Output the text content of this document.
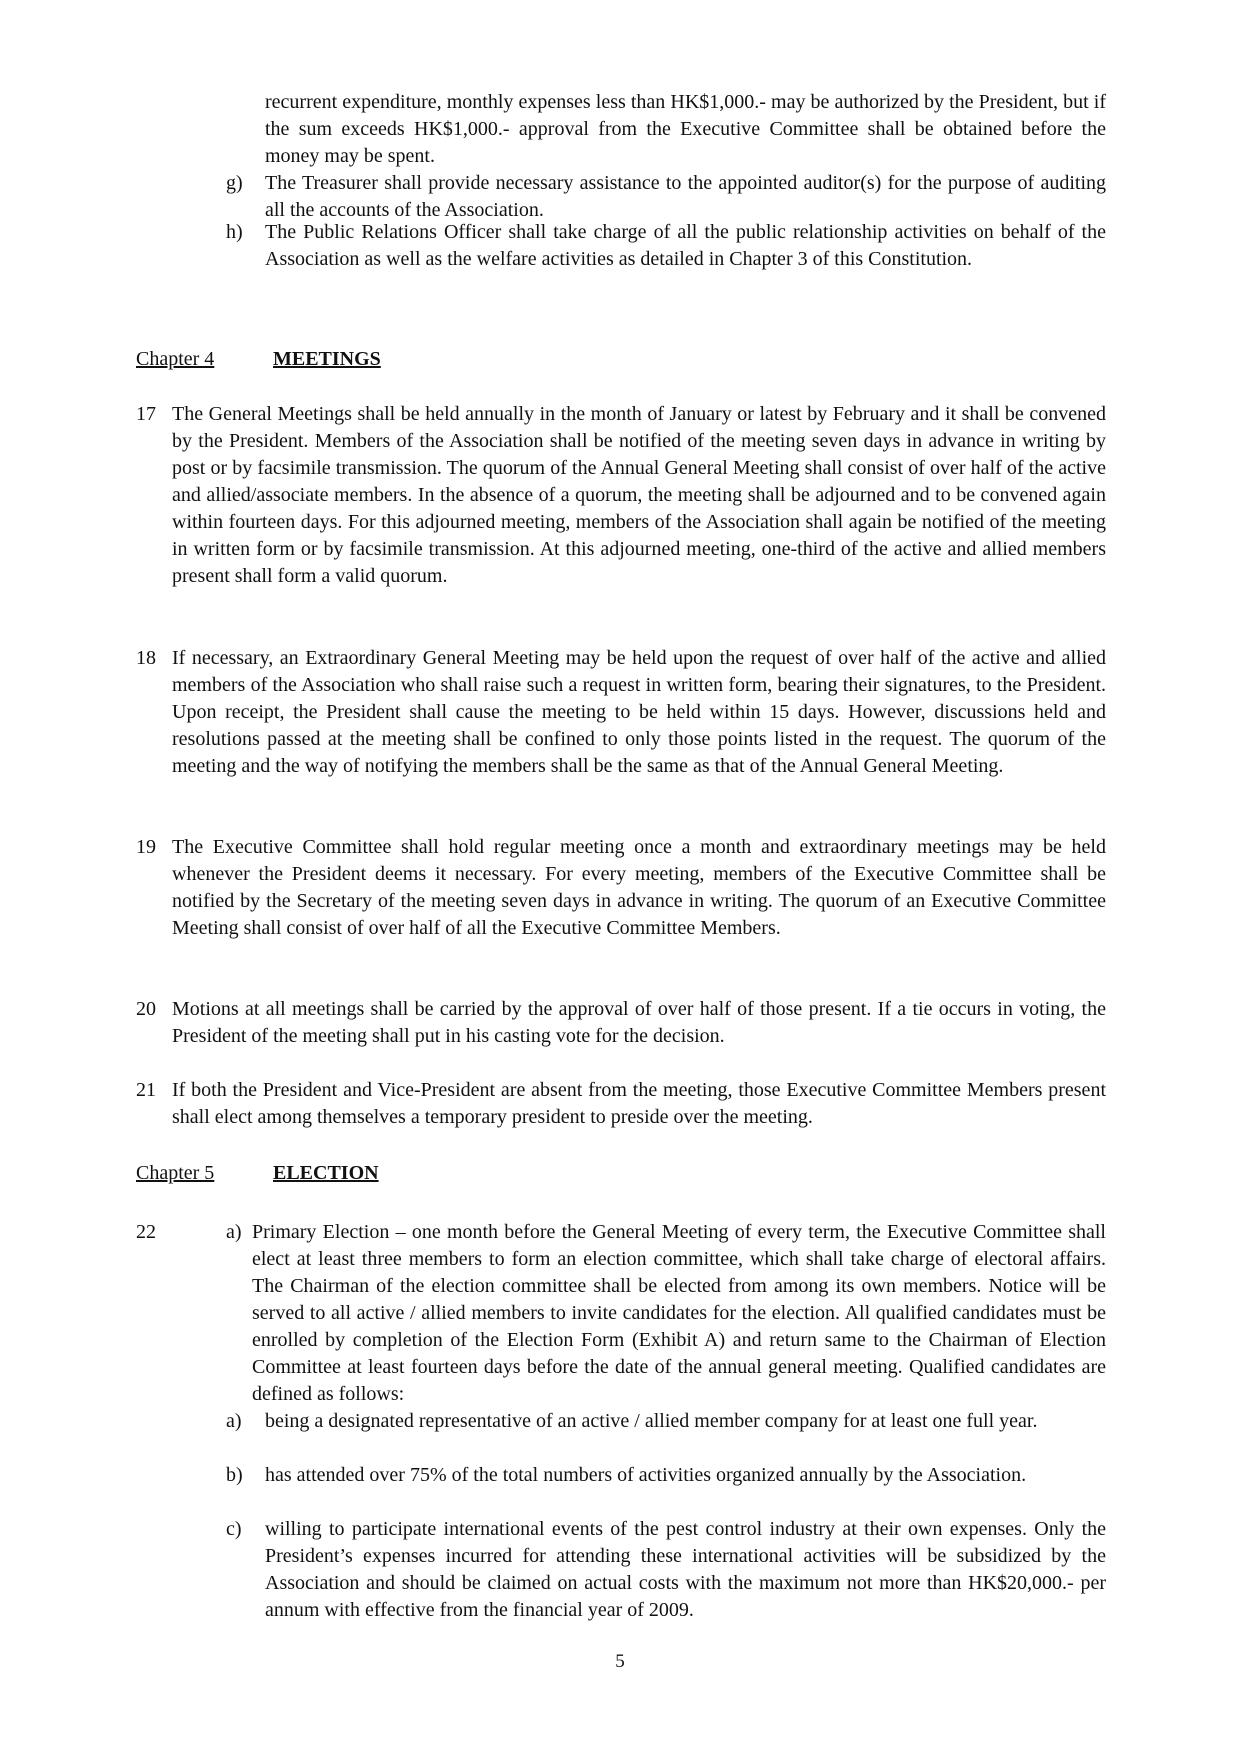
recurrent expenditure, monthly expenses less than HK$1,000.- may be authorized by the President, but if the sum exceeds HK$1,000.- approval from the Executive Committee shall be obtained before the money may be spent.
g) The Treasurer shall provide necessary assistance to the appointed auditor(s) for the purpose of auditing all the accounts of the Association.
h) The Public Relations Officer shall take charge of all the public relationship activities on behalf of the Association as well as the welfare activities as detailed in Chapter 3 of this Constitution.
Chapter 4	MEETINGS
17 The General Meetings shall be held annually in the month of January or latest by February and it shall be convened by the President. Members of the Association shall be notified of the meeting seven days in advance in writing by post or by facsimile transmission. The quorum of the Annual General Meeting shall consist of over half of the active and allied/associate members. In the absence of a quorum, the meeting shall be adjourned and to be convened again within fourteen days. For this adjourned meeting, members of the Association shall again be notified of the meeting in written form or by facsimile transmission. At this adjourned meeting, one-third of the active and allied members present shall form a valid quorum.
18 If necessary, an Extraordinary General Meeting may be held upon the request of over half of the active and allied members of the Association who shall raise such a request in written form, bearing their signatures, to the President. Upon receipt, the President shall cause the meeting to be held within 15 days. However, discussions held and resolutions passed at the meeting shall be confined to only those points listed in the request. The quorum of the meeting and the way of notifying the members shall be the same as that of the Annual General Meeting.
19 The Executive Committee shall hold regular meeting once a month and extraordinary meetings may be held whenever the President deems it necessary. For every meeting, members of the Executive Committee shall be notified by the Secretary of the meeting seven days in advance in writing. The quorum of an Executive Committee Meeting shall consist of over half of all the Executive Committee Members.
20 Motions at all meetings shall be carried by the approval of over half of those present. If a tie occurs in voting, the President of the meeting shall put in his casting vote for the decision.
21 If both the President and Vice-President are absent from the meeting, those Executive Committee Members present shall elect among themselves a temporary president to preside over the meeting.
Chapter 5	ELECTION
22	a) Primary Election – one month before the General Meeting of every term, the Executive Committee shall elect at least three members to form an election committee, which shall take charge of electoral affairs. The Chairman of the election committee shall be elected from among its own members. Notice will be served to all active / allied members to invite candidates for the election. All qualified candidates must be enrolled by completion of the Election Form (Exhibit A) and return same to the Chairman of Election Committee at least fourteen days before the date of the annual general meeting. Qualified candidates are defined as follows:
a) being a designated representative of an active / allied member company for at least one full year.
b) has attended over 75% of the total numbers of activities organized annually by the Association.
c) willing to participate international events of the pest control industry at their own expenses. Only the President’s expenses incurred for attending these international activities will be subsidized by the Association and should be claimed on actual costs with the maximum not more than HK$20,000.- per annum with effective from the financial year of 2009.
5
